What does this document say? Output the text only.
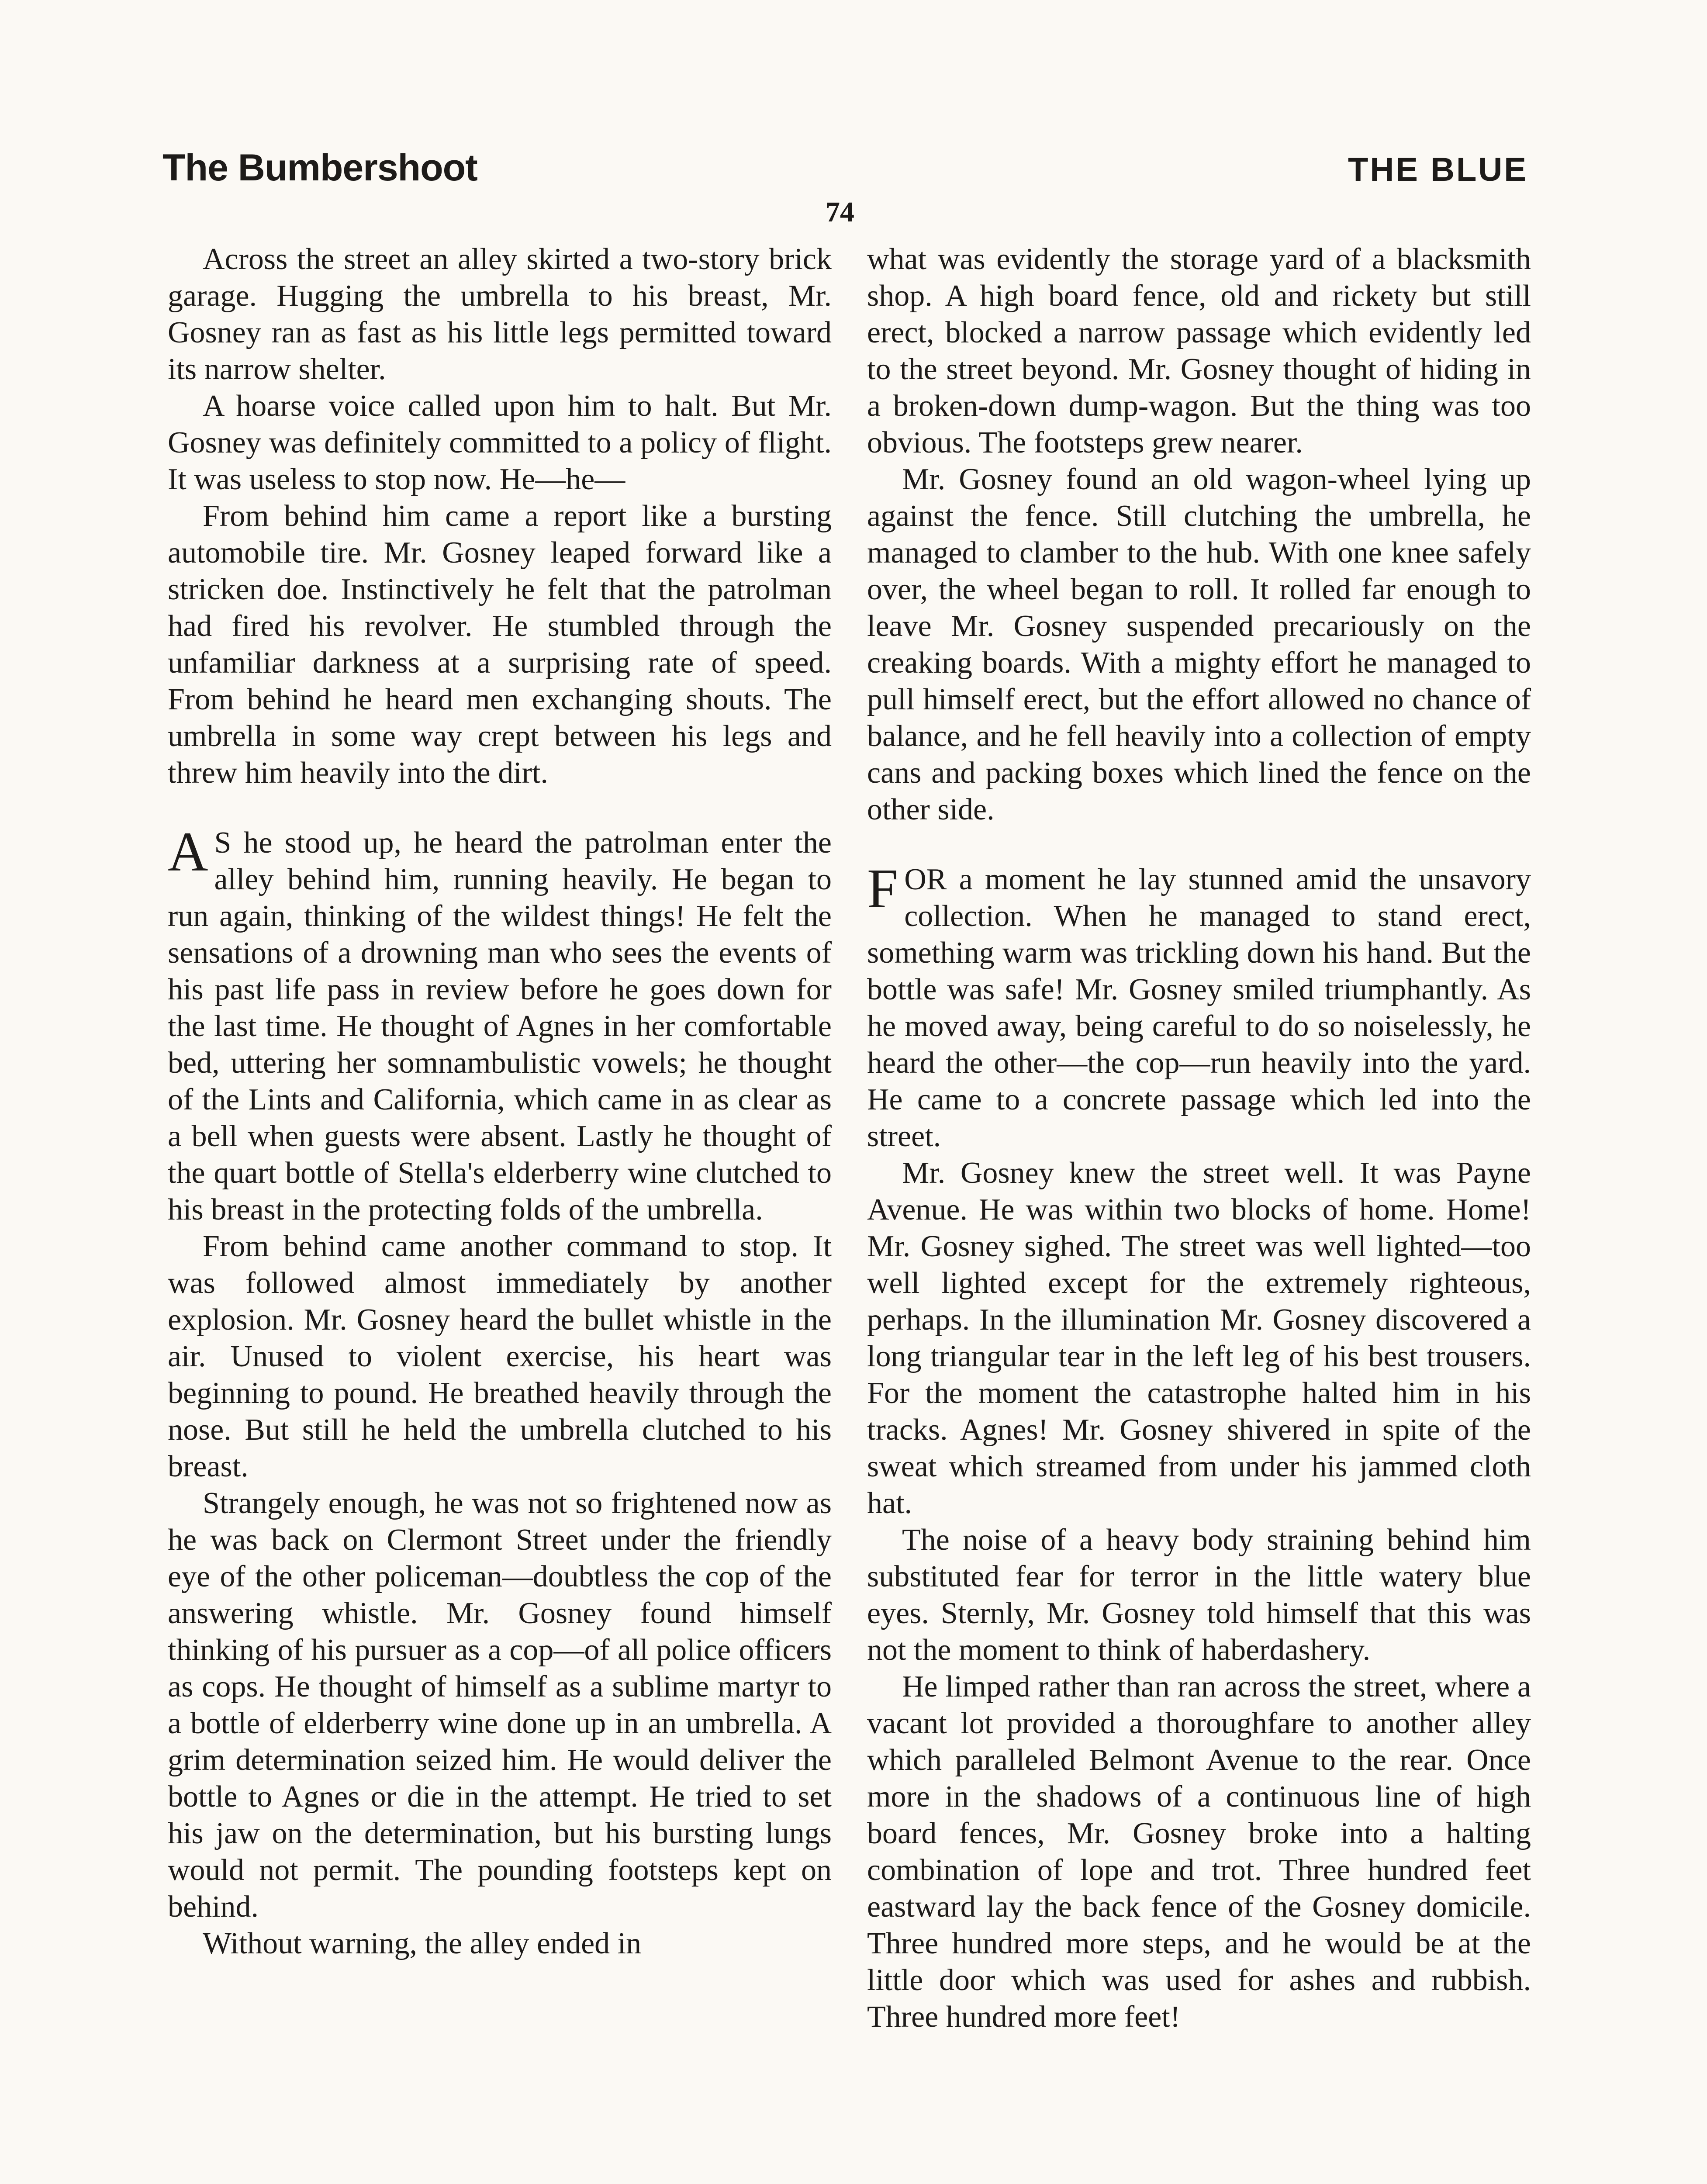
The Bumbershoot	THE BLUE
74

Across the street an alley skirted a two-story brick garage. Hugging the umbrella to his breast, Mr. Gosney ran as fast as his little legs permitted toward its narrow shelter.

A hoarse voice called upon him to halt. But Mr. Gosney was definitely committed to a policy of flight. It was useless to stop now. He—he—

From behind him came a report like a bursting automobile tire. Mr. Gosney leaped forward like a stricken doe. Instinctively he felt that the patrolman had fired his revolver. He stumbled through the unfamiliar darkness at a surprising rate of speed. From behind he heard men exchanging shouts. The umbrella in some way crept between his legs and threw him heavily into the dirt.

A S he stood up, he heard the patrolman enter the alley behind him, running heavily. He began to run again, thinking of the wildest things! He felt the sensations of a drowning man who sees the events of his past life pass in review before he goes down for the last time. He thought of Agnes in her comfortable bed, uttering her somnambulistic vowels; he thought of the Lints and California, which came in as clear as a bell when guests were absent. Lastly he thought of the quart bottle of Stella's elderberry wine clutched to his breast in the protecting folds of the umbrella.

From behind came another command to stop. It was followed almost immediately by another explosion. Mr. Gosney heard the bullet whistle in the air. Unused to violent exercise, his heart was beginning to pound. He breathed heavily through the nose. But still he held the umbrella clutched to his breast.

Strangely enough, he was not so frightened now as he was back on Clermont Street under the friendly eye of the other policeman—doubtless the cop of the answering whistle. Mr. Gosney found himself thinking of his pursuer as a cop—of all police officers as cops. He thought of himself as a sublime martyr to a bottle of elderberry wine done up in an umbrella. A grim determination seized him. He would deliver the bottle to Agnes or die in the attempt. He tried to set his jaw on the determination, but his bursting lungs would not permit. The pounding footsteps kept on behind.

Without warning, the alley ended in

what was evidently the storage yard of a blacksmith shop. A high board fence, old and rickety but still erect, blocked a narrow passage which evidently led to the street beyond. Mr. Gosney thought of hiding in a broken-down dump-wagon. But the thing was too obvious. The footsteps grew nearer.

Mr. Gosney found an old wagon-wheel lying up against the fence. Still clutching the umbrella, he managed to clamber to the hub. With one knee safely over, the wheel began to roll. It rolled far enough to leave Mr. Gosney suspended precariously on the creaking boards. With a mighty effort he managed to pull himself erect, but the effort allowed no chance of balance, and he fell heavily into a collection of empty cans and packing boxes which lined the fence on the other side.

FOR a moment he lay stunned amid the unsavory collection. When he managed to stand erect, something warm was trickling down his hand. But the bottle was safe! Mr. Gosney smiled triumphantly. As he moved away, being careful to do so noiselessly, he heard the other—the cop—run heavily into the yard. He came to a concrete passage which led into the street.

Mr. Gosney knew the street well. It was Payne Avenue. He was within two blocks of home. Home! Mr. Gosney sighed. The street was well lighted—too well lighted except for the extremely righteous, perhaps. In the illumination Mr. Gosney discovered a long triangular tear in the left leg of his best trousers. For the moment the catastrophe halted him in his tracks. Agnes! Mr. Gosney shivered in spite of the sweat which streamed from under his jammed cloth hat.

The noise of a heavy body straining behind him substituted fear for terror in the little watery blue eyes. Sternly, Mr. Gosney told himself that this was not the moment to think of haberdashery.

He limped rather than ran across the street, where a vacant lot provided a thoroughfare to another alley which paralleled Belmont Avenue to the rear. Once more in the shadows of a continuous line of high board fences, Mr. Gosney broke into a halting combination of lope and trot. Three hundred feet eastward lay the back fence of the Gosney domicile. Three hundred more steps, and he would be at the little door which was used for ashes and rubbish. Three hundred more feet!
